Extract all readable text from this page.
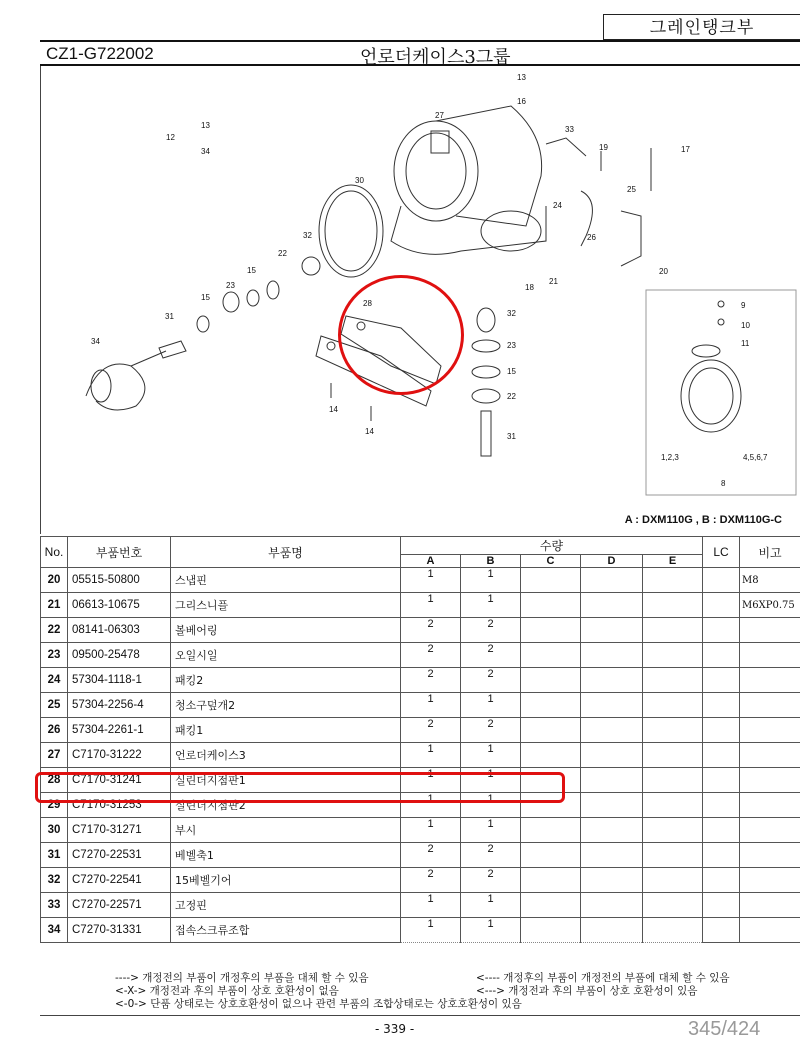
그레인탱크부
CZ1-G722002	언로더케이스3그룹
13
16
27
33
19	17
12
13
34
30
25
24
26
20
32
22
23
15
18
21
28
31
15
32
23
15
22
31
34
14
14
9
10
11
1,2,3	4,5,6,7
8
A : DXM110G , B : DXM110G-C
No.	부품번호	부품명	수량					LC	비고
			A	B	C	D	E		
20	05515-50800	스냅핀	1	1					M8
21	06613-10675	그리스니플	1	1					M6XP0.75
22	08141-06303	볼베어링	2	2					
23	09500-25478	오일시일	2	2					
24	57304-1118-1	패킹2	2	2					
25	57304-2256-4	청소구덮개2	1	1					
26	57304-2261-1	패킹1	2	2					
27	C7170-31222	언로더케이스3	1	1					
28	C7170-31241	실린더지점판1	1	1					
29	C7170-31253	실린더지점판2	1	1					
30	C7170-31271	부시	1	1					
31	C7270-22531	베벨축1	2	2					
32	C7270-22541	15베벨기어	2	2					
33	C7270-22571	고정핀	1	1					
34	C7270-31331	접속스크류조합	1	1					
----> 개정전의 부품이 개정후의 부품을 대체 할 수 있음
<-X-> 개정전과 후의 부품이 상호 호환성이 없음
<-0-> 단품 상태로는 상호호환성이 없으나 관련 부품의 조합상태로는 상호호환성이 있음
<---- 개정후의 부품이 개정전의 부품에 대체 할 수 있음
<---> 개정전과 후의 부품이 상호 호환성이 있음
- 339 -	345/424
